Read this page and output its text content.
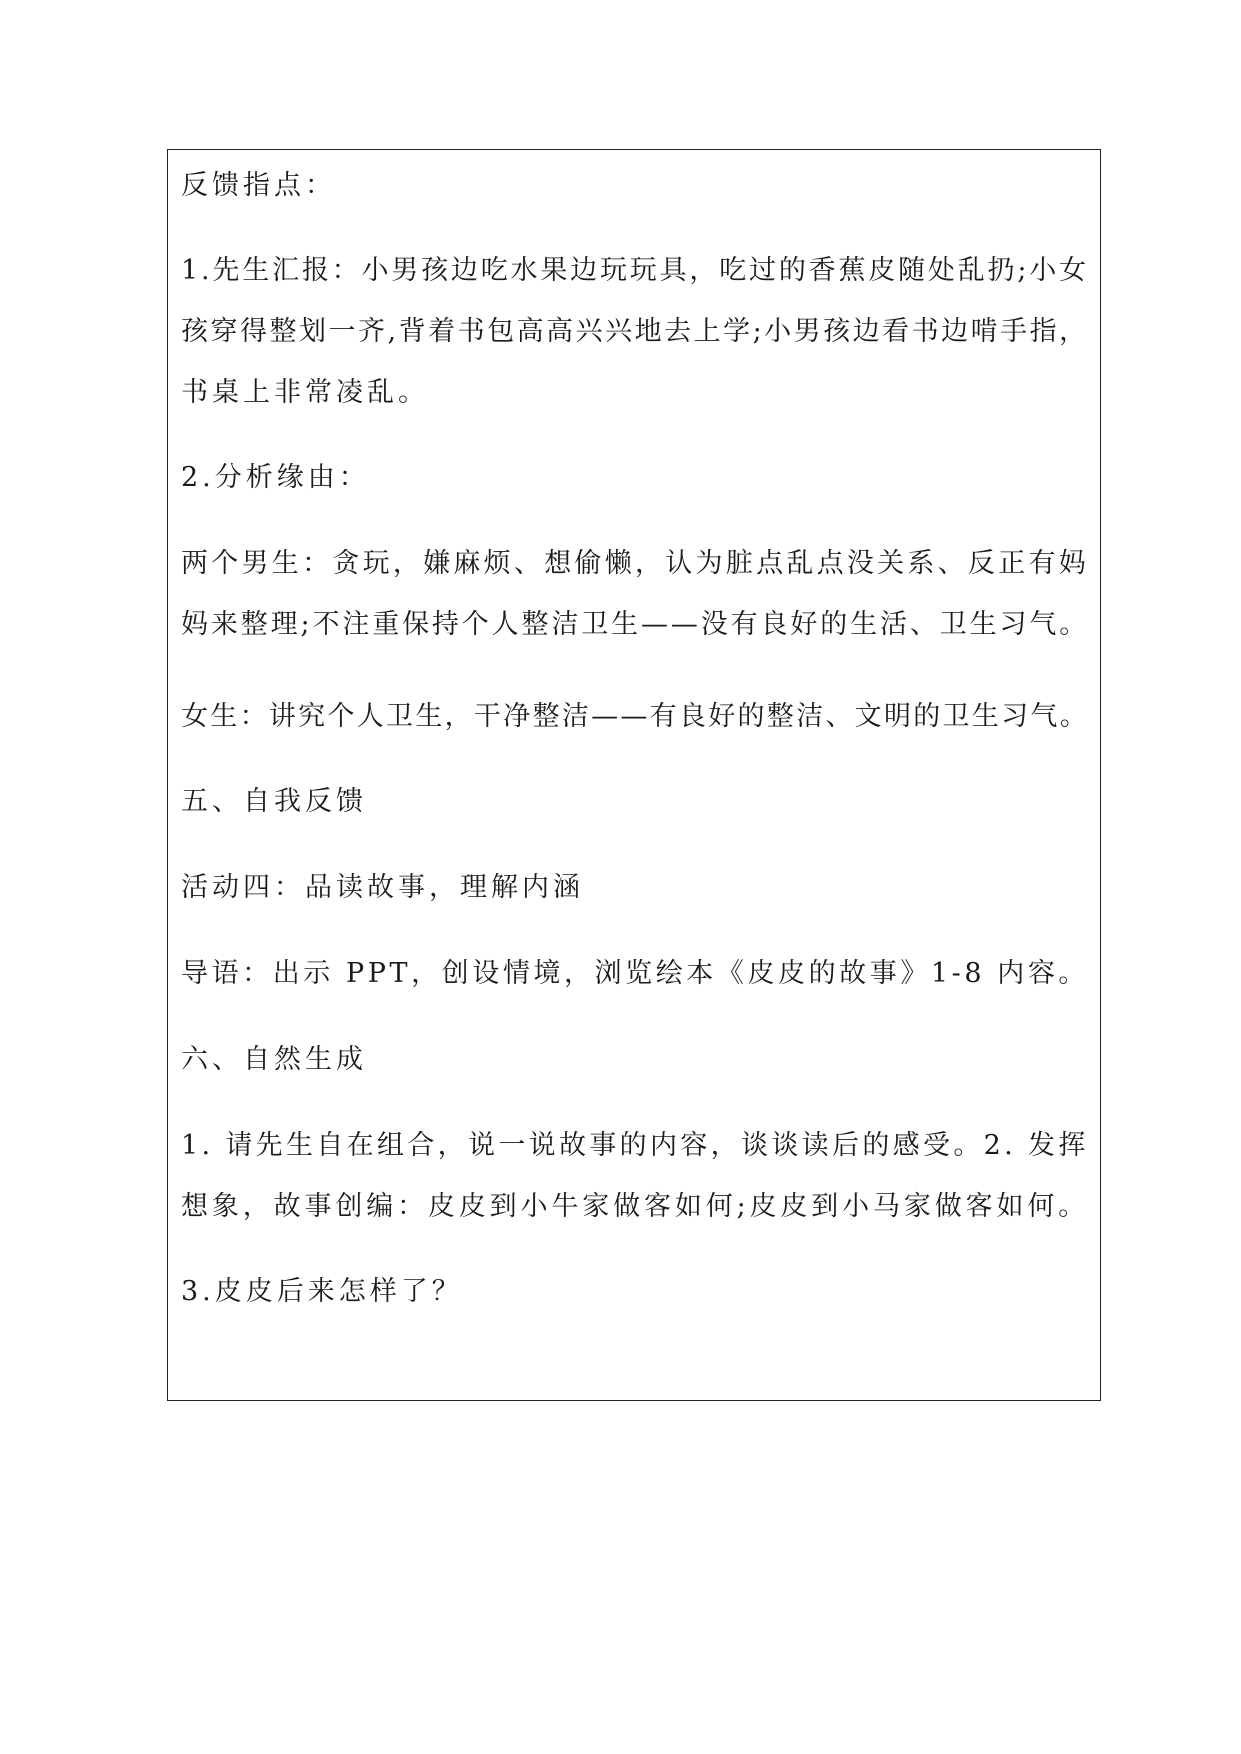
反馈指点：

1.先生汇报：小男孩边吃水果边玩玩具，吃过的香蕉皮随处乱扔;小女

孩穿得整划一齐,背着书包高高兴兴地去上学;小男孩边看书边啃手指，

书桌上非常凌乱。

2.分析缘由：

两个男生：贪玩，嫌麻烦、想偷懒，认为脏点乱点没关系、反正有妈

妈来整理;不注重保持个人整洁卫生——没有良好的生活、卫生习气。

女生：讲究个人卫生，干净整洁——有良好的整洁、文明的卫生习气。

五、自我反馈

活动四：品读故事，理解内涵

导语：出示 PPT，创设情境，浏览绘本《皮皮的故事》1-8 内容。

六、自然生成

1. 请先生自在组合，说一说故事的内容，谈谈读后的感受。2. 发挥

想象，故事创编：皮皮到小牛家做客如何;皮皮到小马家做客如何。

3.皮皮后来怎样了？
